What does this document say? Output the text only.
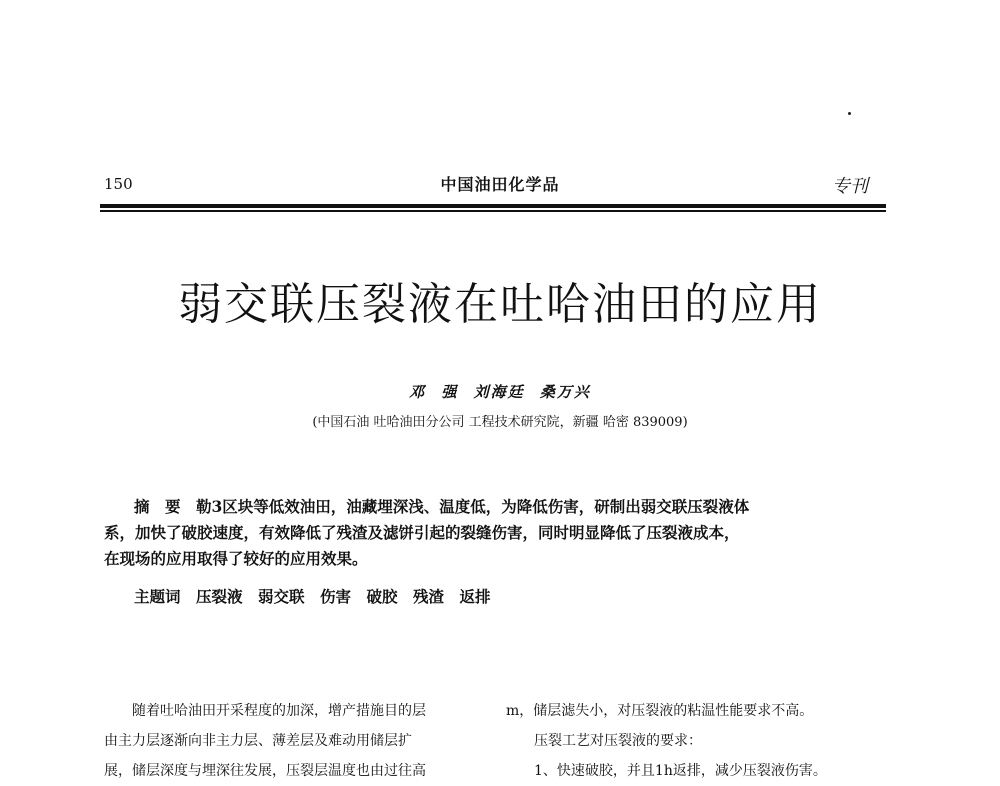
150	中国油田化学品	专刊
弱交联压裂液在吐哈油田的应用
邓 强 刘海廷 桑万兴
(中国石油 吐哈油田分公司 工程技术研究院，新疆 哈密 839009)

摘　要　勒3区块等低效油田，油藏埋深浅、温度低，为降低伤害，研制出弱交联压裂液体

系，加快了破胶速度，有效降低了残渣及滤饼引起的裂缝伤害，同时明显降低了压裂液成本，

在现场的应用取得了较好的应用效果。

主题词　压裂液　弱交联　伤害　破胶　残渣　返排

随着吐哈油田开采程度的加深，增产措施目的层

由主力层逐渐向非主力层、薄差层及难动用储层扩

展，储层深度与埋深往发展，压裂层温度也由过往高

m，储层滤失小，对压裂液的粘温性能要求不高。

压裂工艺对压裂液的要求：

1、快速破胶，并且1h返排，减少压裂液伤害。
